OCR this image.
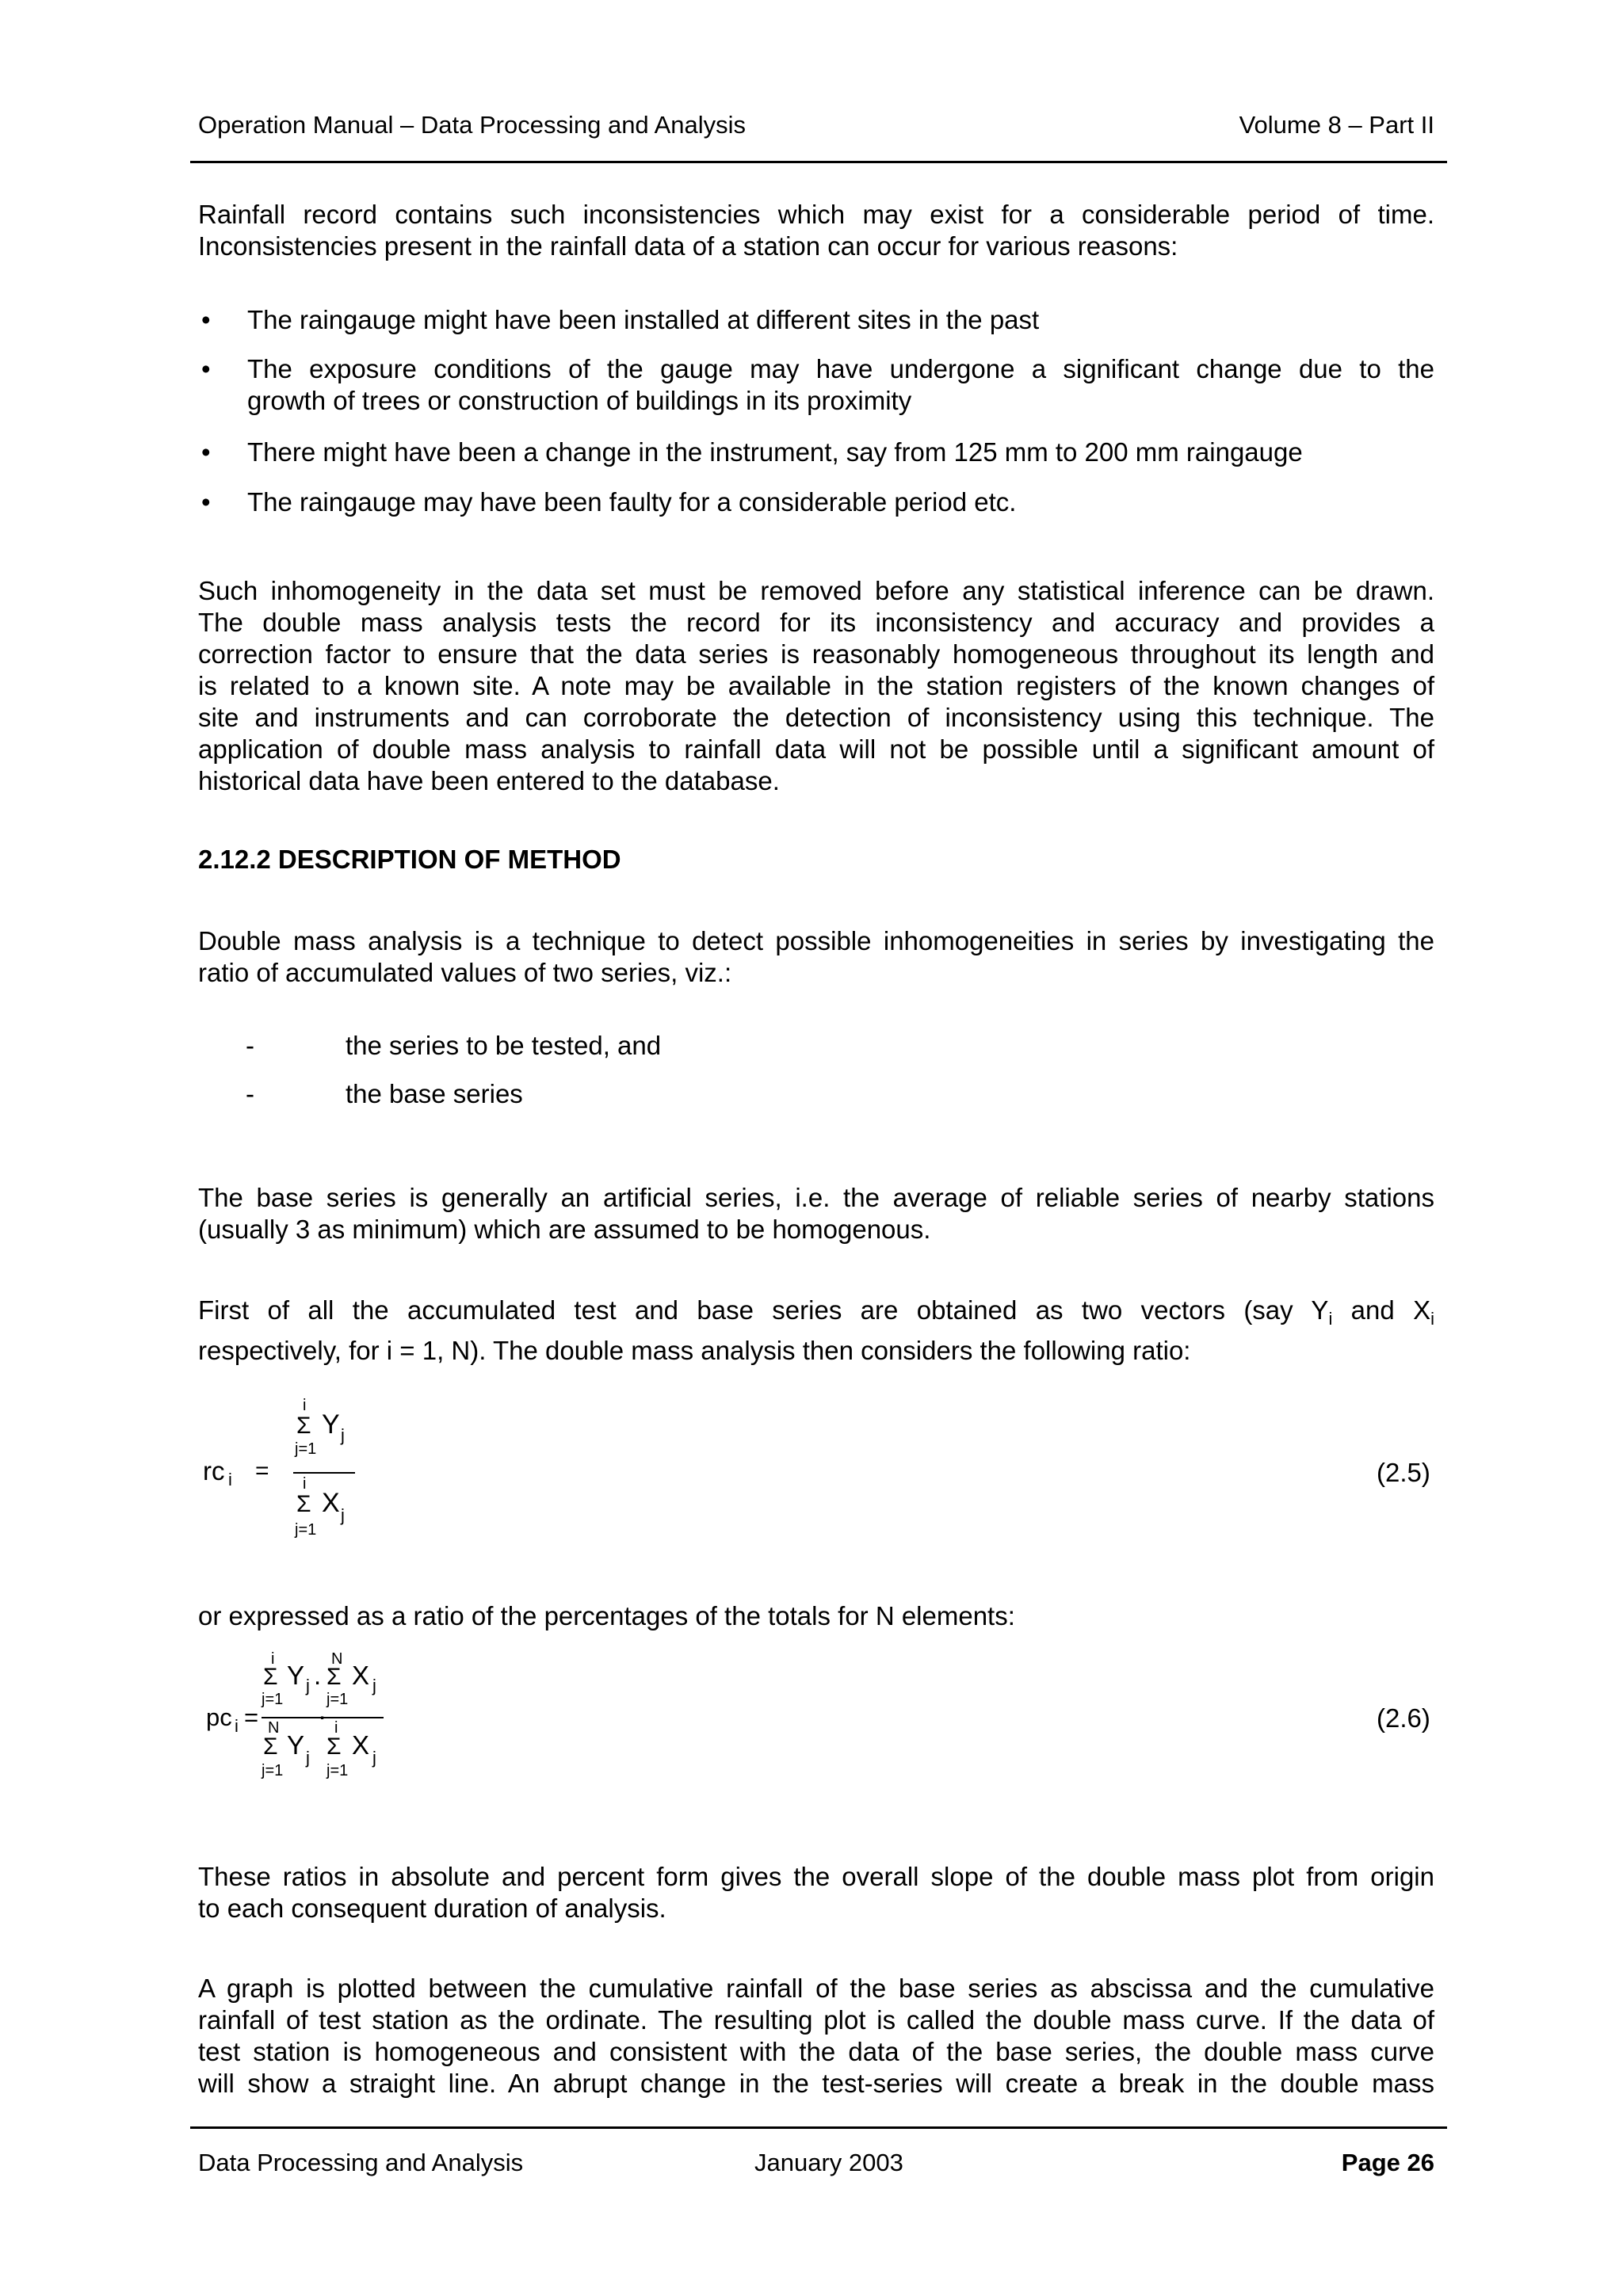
Operation Manual – Data Processing and Analysis	Volume 8 – Part II
Rainfall record contains such inconsistencies which may exist for a considerable period of time.
Inconsistencies present in the rainfall data of a station can occur for various reasons:
• The raingauge might have been installed at different sites in the past
• The exposure conditions of the gauge may have undergone a significant change due to the
growth of trees or construction of buildings in its proximity
• There might have been a change in the instrument, say from 125 mm to 200 mm raingauge
• The raingauge may have been faulty for a considerable period etc.
Such inhomogeneity in the data set must be removed before any statistical inference can be drawn.
The double mass analysis tests the record for its inconsistency and accuracy and provides a
correction factor to ensure that the data series is reasonably homogeneous throughout its length and
is related to a known site. A note may be available in the station registers of the known changes of
site and instruments and can corroborate the detection of inconsistency using this technique. The
application of double mass analysis to rainfall data will not be possible until a significant amount of
historical data have been entered to the database.
2.12.2 DESCRIPTION OF METHOD
Double mass analysis is a technique to detect possible inhomogeneities in series by investigating the
ratio of accumulated values of two series, viz.:
-	the series to be tested, and
-	the base series
The base series is generally an artificial series, i.e. the average of reliable series of nearby stations
(usually 3 as minimum) which are assumed to be homogenous.
First of all the accumulated test and base series are obtained as two vectors (say $Y_i$ and $X_i$
respectively, for i = 1, N). The double mass analysis then considers the following ratio:
rc i =
i
Σ Y j
j=1
i
Σ X j
j=1
(2.5)
or expressed as a ratio of the percentages of the totals for N elements:
pc i =
i
Σ Y j .
j=1
N
Σ X j
j=1
.
N
Σ Y j
j=1
i
Σ X j
j=1
(2.6)
These ratios in absolute and percent form gives the overall slope of the double mass plot from origin
to each consequent duration of analysis.
A graph is plotted between the cumulative rainfall of the base series as abscissa and the cumulative
rainfall of test station as the ordinate. The resulting plot is called the double mass curve. If the data of
test station is homogeneous and consistent with the data of the base series, the double mass curve
will show a straight line. An abrupt change in the test-series will create a break in the double mass
Data Processing and Analysis	January 2003	Page 26
